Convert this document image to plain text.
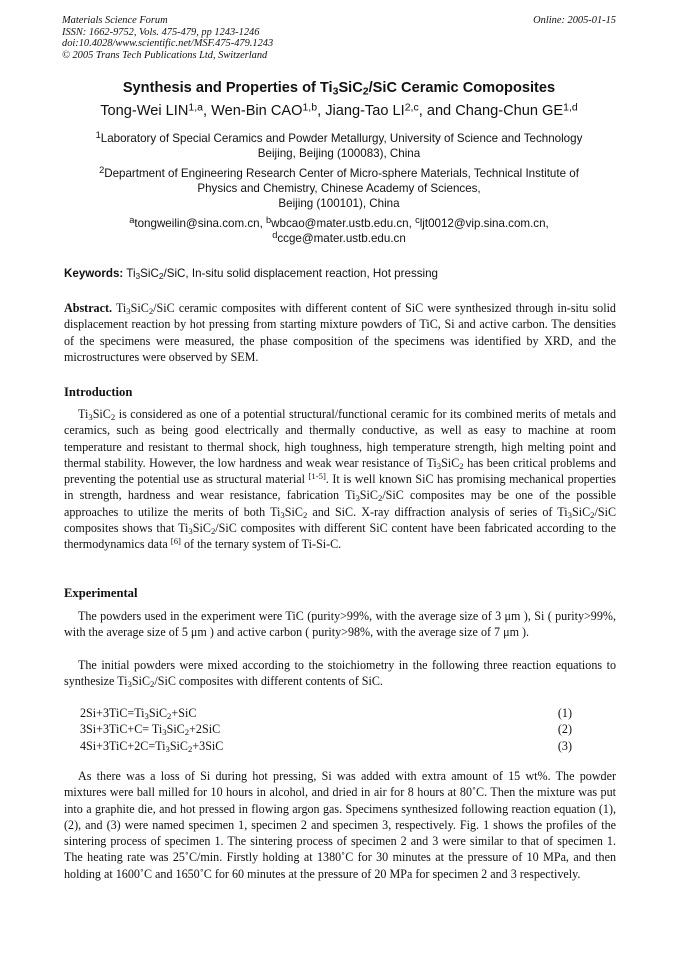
Materials Science Forum
ISSN: 1662-9752, Vols. 475-479, pp 1243-1246
doi:10.4028/www.scientific.net/MSF.475-479.1243
© 2005 Trans Tech Publications Ltd, Switzerland
Online: 2005-01-15
Synthesis and Properties of $Ti_3SiC_2$/SiC Ceramic Comoposites
Tong-Wei LIN$^{1,a}$, Wen-Bin CAO$^{1,b}$, Jiang-Tao LI$^{2,c}$, and Chang-Chun GE$^{1,d}$
$^1$Laboratory of Special Ceramics and Powder Metallurgy, University of Science and Technology
Beijing, Beijing (100083), China
$^2$Department of Engineering Research Center of Micro-sphere Materials, Technical Institute of
Physics and Chemistry, Chinese Academy of Sciences,
Beijing (100101), China
$^a$tongweilin@sina.com.cn, $^b$wbcao@mater.ustb.edu.cn, $^c$ljt0012@vip.sina.com.cn,
$^d$ccge@mater.ustb.edu.cn
Keywords: $Ti_3SiC_2$/SiC, In-situ solid displacement reaction, Hot pressing
Abstract. $Ti_3SiC_2$/SiC ceramic composites with different content of SiC were synthesized through in-situ solid displacement reaction by hot pressing from starting mixture powders of TiC, Si and active carbon. The densities of the specimens were measured, the phase composition of the specimens was identified by XRD, and the microstructures were observed by SEM.
Introduction
$Ti_3SiC_2$ is considered as one of a potential structural/functional ceramic for its combined merits of metals and ceramics, such as being good electrically and thermally conductive, as well as easy to machine at room temperature and resistant to thermal shock, high toughness, high temperature strength, high melting point and thermal stability. However, the low hardness and weak wear resistance of $Ti_3SiC_2$ has been critical problems and preventing the potential use as structural material [1-5]. It is well known SiC has promising mechanical properties in strength, hardness and wear resistance, fabrication $Ti_3SiC_2$/SiC composites may be one of the possible approaches to utilize the merits of both $Ti_3SiC_2$ and SiC. X-ray diffraction analysis of series of $Ti_3SiC_2$/SiC composites shows that $Ti_3SiC_2$/SiC composites with different SiC content have been fabricated according to the thermodynamics data [6] of the ternary system of Ti-Si-C.
Experimental
The powders used in the experiment were TiC (purity>99%, with the average size of 3 μm ), Si ( purity>99%, with the average size of 5 μm ) and active carbon ( purity>98%, with the average size of 7 μm ).
The initial powders were mixed according to the stoichiometry in the following three reaction equations to synthesize $Ti_3SiC_2$/SiC composites with different contents of SiC.
$2Si+3TiC=Ti_3SiC_2+SiC$	(1)
$3Si+3TiC+C= Ti_3SiC_2+2SiC$	(2)
$4Si+3TiC+2C=Ti_3SiC_2+3SiC$	(3)
As there was a loss of Si during hot pressing, Si was added with extra amount of 15 wt%. The powder mixtures were ball milled for 10 hours in alcohol, and dried in air for 8 hours at 80˚C. Then the mixture was put into a graphite die, and hot pressed in flowing argon gas. Specimens synthesized following reaction equation (1), (2), and (3) were named specimen 1, specimen 2 and specimen 3, respectively. Fig. 1 shows the profiles of the sintering process of specimen 1. The sintering process of specimen 2 and 3 were similar to that of specimen 1. The heating rate was 25˚C/min. Firstly holding at 1380˚C for 30 minutes at the pressure of 10 MPa, and then holding at 1600˚C and 1650˚C for 60 minutes at the pressure of 20 MPa for specimen 2 and 3 respectively.
